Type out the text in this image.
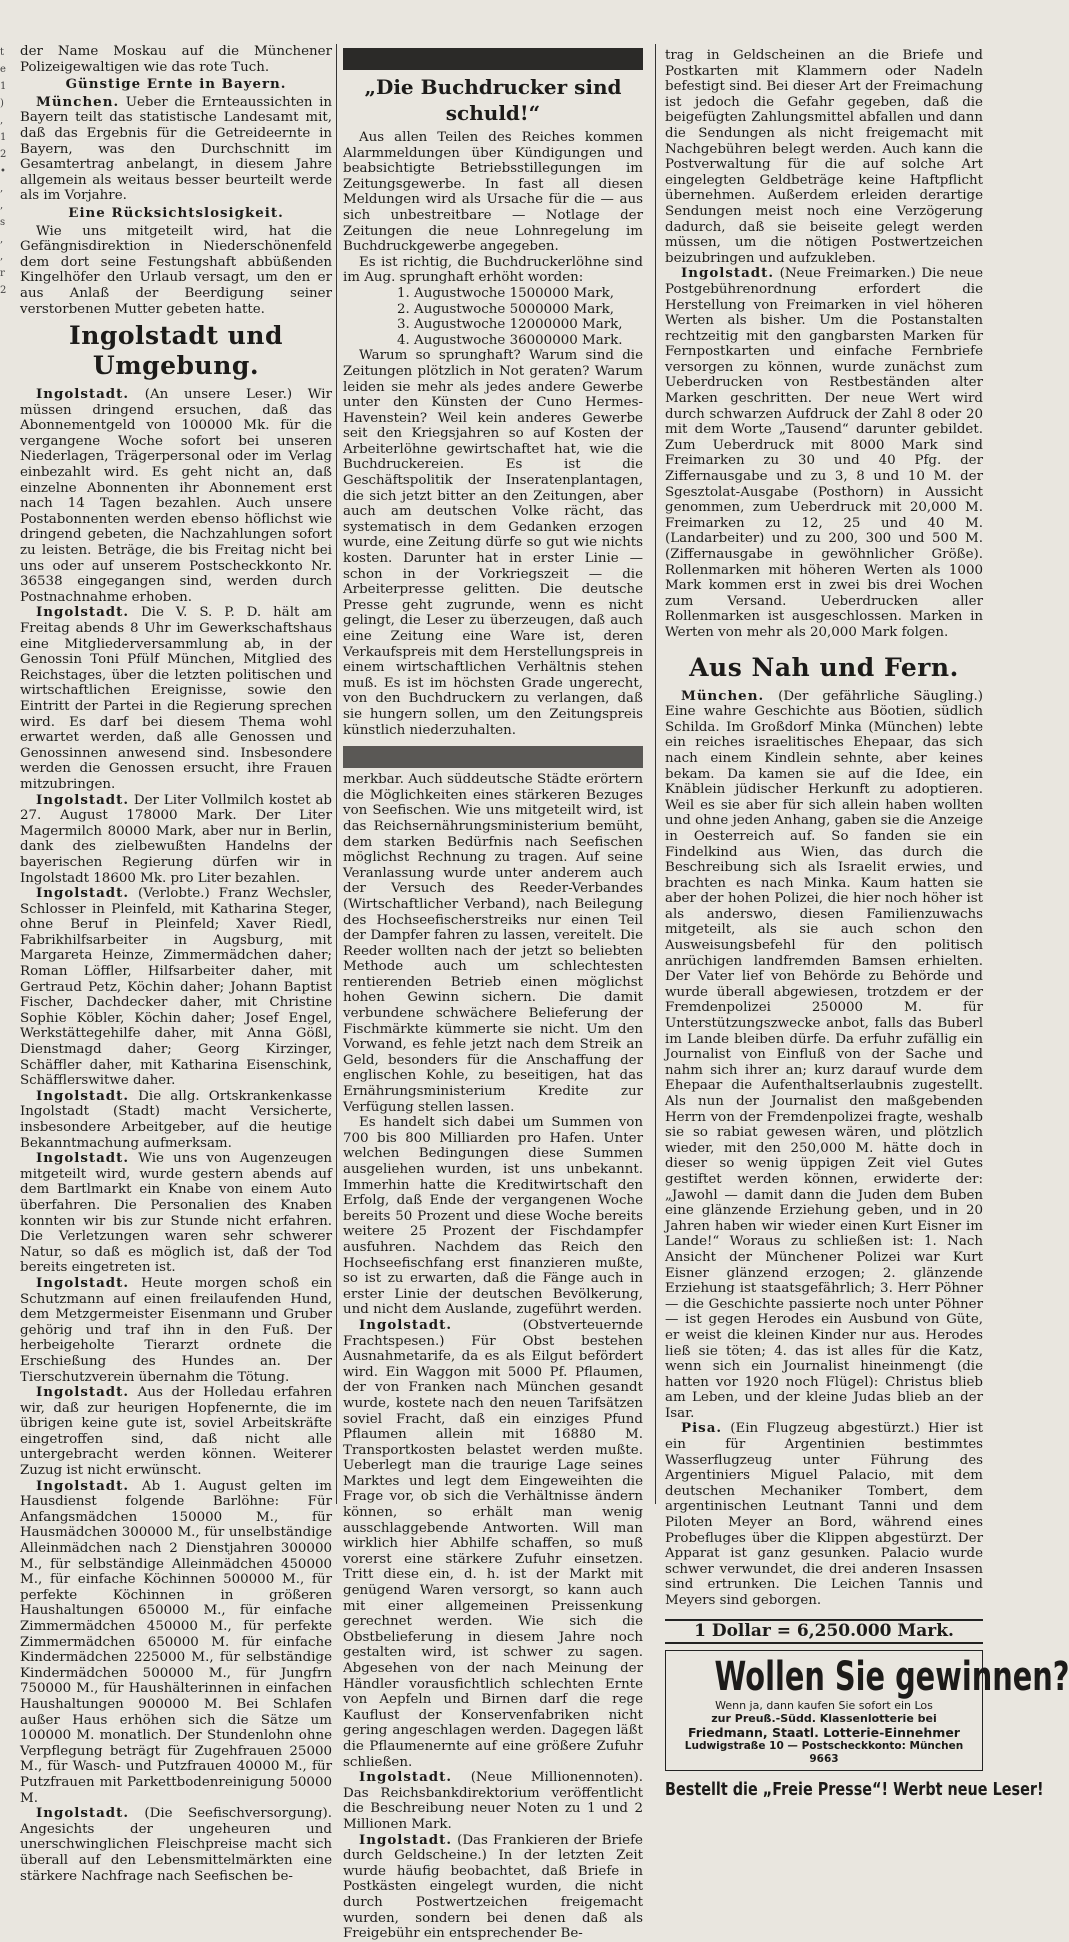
t
e
1
)
,
1
2
•
,
,
s
,
,
r
2

der Name Moskau auf die Münchener Polizeigewaltigen wie das rote Tuch.

Günstige Ernte in Bayern.

München. Ueber die Ernteaussichten in Bayern teilt das statistische Landesamt mit, daß das Ergebnis für die Getreideernte in Bayern, was den Durchschnitt im Gesamtertrag anbelangt, in diesem Jahre allgemein als weitaus besser beurteilt werde als im Vorjahre.

Eine Rücksichtslosigkeit.

Wie uns mitgeteilt wird, hat die Gefängnisdirektion in Niederschönenfeld dem dort seine Festungshaft abbüßenden Kingelhöfer den Urlaub versagt, um den er aus Anlaß der Beerdigung seiner verstorbenen Mutter gebeten hatte.

Ingolstadt und Umgebung.

Ingolstadt. (An unsere Leser.) Wir müssen dringend ersuchen, daß das Abonnementgeld von 100000 Mk. für die vergangene Woche sofort bei unseren Niederlagen, Trägerpersonal oder im Verlag einbezahlt wird. Es geht nicht an, daß einzelne Abonnenten ihr Abonnement erst nach 14 Tagen bezahlen. Auch unsere Postabonnenten werden ebenso höflichst wie dringend gebeten, die Nachzahlungen sofort zu leisten. Beträge, die bis Freitag nicht bei uns oder auf unserem Postscheckkonto Nr. 36538 eingegangen sind, werden durch Postnachnahme erhoben.

Ingolstadt. Die V. S. P. D. hält am Freitag abends 8 Uhr im Gewerkschaftshaus eine Mitgliederversammlung ab, in der Genossin Toni Pfülf München, Mitglied des Reichstages, über die letzten politischen und wirtschaftlichen Ereignisse, sowie den Eintritt der Partei in die Regierung sprechen wird. Es darf bei diesem Thema wohl erwartet werden, daß alle Genossen und Genossinnen anwesend sind. Insbesondere werden die Genossen ersucht, ihre Frauen mitzubringen.

Ingolstadt. Der Liter Vollmilch kostet ab 27. August 178000 Mark. Der Liter Magermilch 80000 Mark, aber nur in Berlin, dank des zielbewußten Handelns der bayerischen Regierung dürfen wir in Ingolstadt 18600 Mk. pro Liter bezahlen.

Ingolstadt. (Verlobte.) Franz Wechsler, Schlosser in Pleinfeld, mit Katharina Steger, ohne Beruf in Pleinfeld; Xaver Riedl, Fabrikhilfsarbeiter in Augsburg, mit Margareta Heinze, Zimmermädchen daher; Roman Löffler, Hilfsarbeiter daher, mit Gertraud Petz, Köchin daher; Johann Baptist Fischer, Dachdecker daher, mit Christine Sophie Köbler, Köchin daher; Josef Engel, Werkstättegehilfe daher, mit Anna Gößl, Dienstmagd daher; Georg Kirzinger, Schäffler daher, mit Katharina Eisenschink, Schäfflerswitwe daher.

Ingolstadt. Die allg. Ortskrankenkasse Ingolstadt (Stadt) macht Versicherte, insbesondere Arbeitgeber, auf die heutige Bekanntmachung aufmerksam.

Ingolstadt. Wie uns von Augenzeugen mitgeteilt wird, wurde gestern abends auf dem Bartlmarkt ein Knabe von einem Auto überfahren. Die Personalien des Knaben konnten wir bis zur Stunde nicht erfahren. Die Verletzungen waren sehr schwerer Natur, so daß es möglich ist, daß der Tod bereits eingetreten ist.

Ingolstadt. Heute morgen schoß ein Schutzmann auf einen freilaufenden Hund, dem Metzgermeister Eisenmann und Gruber gehörig und traf ihn in den Fuß. Der herbeigeholte Tierarzt ordnete die Erschießung des Hundes an. Der Tierschutzverein übernahm die Tötung.

Ingolstadt. Aus der Holledau erfahren wir, daß zur heurigen Hopfenernte, die im übrigen keine gute ist, soviel Arbeitskräfte eingetroffen sind, daß nicht alle untergebracht werden können. Weiterer Zuzug ist nicht erwünscht.

Ingolstadt. Ab 1. August gelten im Hausdienst folgende Barlöhne: Für Anfangsmädchen 150000 M., für Hausmädchen 300000 M., für unselbständige Alleinmädchen nach 2 Dienstjahren 300000 M., für selbständige Alleinmädchen 450000 M., für einfache Köchinnen 500000 M., für perfekte Köchinnen in größeren Haushaltungen 650000 M., für einfache Zimmermädchen 450000 M., für perfekte Zimmermädchen 650000 M. für einfache Kindermädchen 225000 M., für selbständige Kindermädchen 500000 M., für Jungfrn 750000 M., für Haushälterinnen in einfachen Haushaltungen 900000 M. Bei Schlafen außer Haus erhöhen sich die Sätze um 100000 M. monatlich. Der Stundenlohn ohne Verpflegung beträgt für Zugehfrauen 25000 M., für Wasch- und Putzfrauen 40000 M., für Putzfrauen mit Parkettbodenreinigung 50000 M.

Ingolstadt. (Die Seefischversorgung). Angesichts der ungeheuren und unerschwinglichen Fleischpreise macht sich überall auf den Lebensmittelmärkten eine stärkere Nachfrage nach Seefischen be-

„Die Buchdrucker sind schuld!“

Aus allen Teilen des Reiches kommen Alarmmeldungen über Kündigungen und beabsichtigte Betriebsstillegungen im Zeitungsgewerbe. In fast all diesen Meldungen wird als Ursache für die — aus sich unbestreitbare — Notlage der Zeitungen die neue Lohnregelung im Buchdruckgewerbe angegeben.

Es ist richtig, die Buchdruckerlöhne sind im Aug. sprunghaft erhöht worden:

1. Augustwoche 1500000 Mark,
2. Augustwoche 5000000 Mark,
3. Augustwoche 12000000 Mark,
4. Augustwoche 36000000 Mark.

Warum so sprunghaft? Warum sind die Zeitungen plötzlich in Not geraten? Warum leiden sie mehr als jedes andere Gewerbe unter den Künsten der Cuno Hermes-Havenstein? Weil kein anderes Gewerbe seit den Kriegsjahren so auf Kosten der Arbeiterlöhne gewirtschaftet hat, wie die Buchdruckereien. Es ist die Geschäftspolitik der Inseratenplantagen, die sich jetzt bitter an den Zeitungen, aber auch am deutschen Volke rächt, das systematisch in dem Gedanken erzogen wurde, eine Zeitung dürfe so gut wie nichts kosten. Darunter hat in erster Linie — schon in der Vorkriegszeit — die Arbeiterpresse gelitten. Die deutsche Presse geht zugrunde, wenn es nicht gelingt, die Leser zu überzeugen, daß auch eine Zeitung eine Ware ist, deren Verkaufspreis mit dem Herstellungspreis in einem wirtschaftlichen Verhältnis stehen muß. Es ist im höchsten Grade ungerecht, von den Buchdruckern zu verlangen, daß sie hungern sollen, um den Zeitungspreis künstlich niederzuhalten.

merkbar. Auch süddeutsche Städte erörtern die Möglichkeiten eines stärkeren Bezuges von Seefischen. Wie uns mitgeteilt wird, ist das Reichsernährungsministerium bemüht, dem starken Bedürfnis nach Seefischen möglichst Rechnung zu tragen. Auf seine Veranlassung wurde unter anderem auch der Versuch des Reeder-Verbandes (Wirtschaftlicher Verband), nach Beilegung des Hochseefischerstreiks nur einen Teil der Dampfer fahren zu lassen, vereitelt. Die Reeder wollten nach der jetzt so beliebten Methode auch um schlechtesten rentierenden Betrieb einen möglichst hohen Gewinn sichern. Die damit verbundene schwächere Belieferung der Fischmärkte kümmerte sie nicht. Um den Vorwand, es fehle jetzt nach dem Streik an Geld, besonders für die Anschaffung der englischen Kohle, zu beseitigen, hat das Ernährungsministerium Kredite zur Verfügung stellen lassen.

Es handelt sich dabei um Summen von 700 bis 800 Milliarden pro Hafen. Unter welchen Bedingungen diese Summen ausgeliehen wurden, ist uns unbekannt. Immerhin hatte die Kreditwirtschaft den Erfolg, daß Ende der vergangenen Woche bereits 50 Prozent und diese Woche bereits weitere 25 Prozent der Fischdampfer ausfuhren. Nachdem das Reich den Hochseefischfang erst finanzieren mußte, so ist zu erwarten, daß die Fänge auch in erster Linie der deutschen Bevölkerung, und nicht dem Auslande, zugeführt werden.

Ingolstadt.	(Obstverteuernde Frachtspesen.) Für Obst bestehen Ausnahmetarife, da es als Eilgut befördert wird. Ein Waggon mit 5000 Pf. Pflaumen, der von Franken nach München gesandt wurde, kostete nach den neuen Tarifsätzen soviel Fracht, daß ein einziges Pfund Pflaumen allein mit 16880 M. Transportkosten belastet werden mußte. Ueberlegt man die traurige Lage seines Marktes und legt dem Eingeweihten die Frage vor, ob sich die Verhältnisse ändern können, so erhält man wenig ausschlaggebende Antworten. Will man wirklich hier Abhilfe schaffen, so muß vorerst eine stärkere Zufuhr einsetzen. Tritt diese ein, d. h. ist der Markt mit genügend Waren versorgt, so kann auch mit einer allgemeinen Preissenkung gerechnet werden. Wie sich die Obstbelieferung in diesem Jahre noch gestalten wird, ist schwer zu sagen. Abgesehen von der nach Meinung der Händler vorausfichtlich schlechten Ernte von Aepfeln und Birnen darf die rege Kauflust der Konservenfabriken nicht gering angeschlagen werden. Dagegen läßt die Pflaumenernte auf eine größere Zufuhr schließen.

Ingolstadt. (Neue Millionennoten). Das Reichsbankdirektorium veröffentlicht die Beschreibung neuer Noten zu 1 und 2 Millionen Mark.

Ingolstadt. (Das Frankieren der Briefe durch Geldscheine.) In der letzten Zeit wurde häufig beobachtet, daß Briefe in Postkästen eingelegt wurden, die nicht durch Postwertzeichen freigemacht wurden, sondern bei denen daß als Freigebühr ein entsprechender Be-

trag in Geldscheinen an die Briefe und Postkarten mit Klammern oder Nadeln befestigt sind. Bei dieser Art der Freimachung ist jedoch die Gefahr gegeben, daß die beigefügten Zahlungsmittel abfallen und dann die Sendungen als nicht freigemacht mit Nachgebühren belegt werden. Auch kann die Postverwaltung für die auf solche Art eingelegten Geldbeträge keine Haftpflicht übernehmen. Außerdem erleiden derartige Sendungen meist noch eine Verzögerung dadurch, daß sie beiseite gelegt werden müssen, um die nötigen Postwertzeichen beizubringen und aufzukleben.

Ingolstadt. (Neue Freimarken.) Die neue Postgebührenordnung erfordert die Herstellung von Freimarken in viel höheren Werten als bisher. Um die Postanstalten rechtzeitig mit den gangbarsten Marken für Fernpostkarten und einfache Fernbriefe versorgen zu können, wurde zunächst zum Ueberdrucken von Restbeständen alter Marken geschritten. Der neue Wert wird durch schwarzen Aufdruck der Zahl 8 oder 20 mit dem Worte „Tausend“ darunter gebildet. Zum Ueberdruck mit 8000 Mark sind Freimarken zu 30 und 40 Pfg. der Ziffernausgabe und zu 3, 8 und 10 M. der Sgesztolat-Ausgabe (Posthorn) in Aussicht genommen, zum Ueberdruck mit 20,000 M. Freimarken zu 12, 25 und 40 M. (Landarbeiter) und zu 200, 300 und 500 M. (Ziffernausgabe in gewöhnlicher Größe). Rollenmarken mit höheren Werten als 1000 Mark kommen erst in zwei bis drei Wochen zum Versand. Ueberdrucken aller Rollenmarken ist ausgeschlossen. Marken in Werten von mehr als 20,000 Mark folgen.

Aus Nah und Fern.

München. (Der gefährliche Säugling.) Eine wahre Geschichte aus Böotien, südlich Schilda. Im Großdorf Minka (München) lebte ein reiches israelitisches Ehepaar, das sich nach einem Kindlein sehnte, aber keines bekam. Da kamen sie auf die Idee, ein Knäblein jüdischer Herkunft zu adoptieren. Weil es sie aber für sich allein haben wollten und ohne jeden Anhang, gaben sie die Anzeige in Oesterreich auf. So fanden sie ein Findelkind aus Wien, das durch die Beschreibung sich als Israelit erwies, und brachten es nach Minka. Kaum hatten sie aber der hohen Polizei, die hier noch höher ist als anderswo, diesen Familienzuwachs mitgeteilt, als sie auch schon den Ausweisungsbefehl für den politisch anrüchigen landfremden Bamsen erhielten. Der Vater lief von Behörde zu Behörde und wurde überall abgewiesen, trotzdem er der Fremdenpolizei 250000 M. für Unterstützungszwecke anbot, falls das Buberl im Lande bleiben dürfe. Da erfuhr zufällig ein Journalist von Einfluß von der Sache und nahm sich ihrer an; kurz darauf wurde dem Ehepaar die Aufenthaltserlaubnis zugestellt. Als nun der Journalist den maßgebenden Herrn von der Fremdenpolizei fragte, weshalb sie so rabiat gewesen wären, und plötzlich wieder, mit den 250,000 M. hätte doch in dieser so wenig üppigen Zeit viel Gutes gestiftet werden können, erwiderte der: „Jawohl — damit dann die Juden dem Buben eine glänzende Erziehung geben, und in 20 Jahren haben wir wieder einen Kurt Eisner im Lande!“ Woraus zu schließen ist: 1. Nach Ansicht der Münchener Polizei war Kurt Eisner glänzend erzogen; 2. glänzende Erziehung ist staatsgefährlich; 3. Herr Pöhner — die Geschichte passierte noch unter Pöhner — ist gegen Herodes ein Ausbund von Güte, er weist die kleinen Kinder nur aus. Herodes ließ sie töten; 4. das ist alles für die Katz, wenn sich ein Journalist hineinmengt (die hatten vor 1920 noch Flügel): Christus blieb am Leben, und der kleine Judas blieb an der Isar.

Pisa. (Ein Flugzeug abgestürzt.) Hier ist ein für Argentinien bestimmtes Wasserflugzeug unter Führung des Argentiniers Miguel Palacio, mit dem deutschen Mechaniker Tombert, dem argentinischen Leutnant Tanni und dem Piloten Meyer an Bord, während eines Probefluges über die Klippen abgestürzt. Der Apparat ist ganz gesunken. Palacio wurde schwer verwundet, die drei anderen Insassen sind ertrunken. Die Leichen Tannis und Meyers sind geborgen.

1 Dollar = 6,250.000 Mark.
Wollen Sie gewinnen?
Wenn ja, dann kaufen Sie sofort ein Los
zur Preuß.-Südd. Klassenlotterie bei
Friedmann, Staatl. Lotterie-Einnehmer
Ludwigstraße 10 — Postscheckkonto: München 9663
Bestellt die „Freie Presse“! Werbt neue Leser!
